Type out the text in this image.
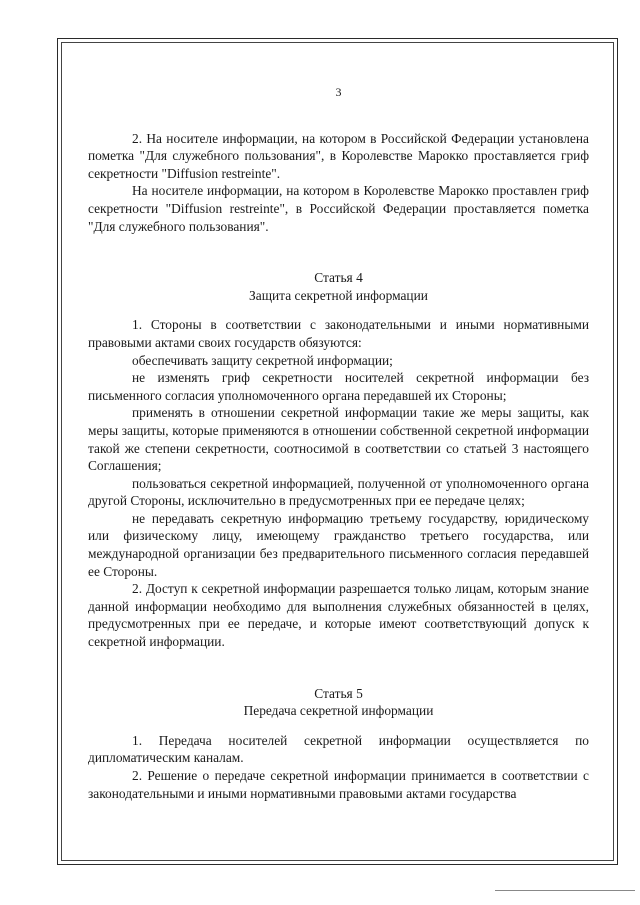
3

2. На носителе информации, на котором в Российской Федерации установлена пометка "Для служебного пользования", в Королевстве Марокко проставляется гриф секретности "Diffusion restreinte".

На носителе информации, на котором в Королевстве Марокко проставлен гриф секретности "Diffusion restreinte", в Российской Федерации проставляется пометка "Для служебного пользования".

Статья 4

Защита секретной информации

1. Стороны в соответствии с законодательными и иными нормативными правовыми актами своих государств обязуются:

обеспечивать защиту секретной информации;

не изменять гриф секретности носителей секретной информации без письменного согласия уполномоченного органа передавшей их Стороны;

применять в отношении секретной информации такие же меры защиты, как меры защиты, которые применяются в отношении собственной секретной информации такой же степени секретности, соотносимой в соответствии со статьей 3 настоящего Соглашения;

пользоваться секретной информацией, полученной от уполномоченного органа другой Стороны, исключительно в предусмотренных при ее передаче целях;

не передавать секретную информацию третьему государству, юридическому или физическому лицу, имеющему гражданство третьего государства, или международной организации без предварительного письменного согласия передавшей ее Стороны.

2. Доступ к секретной информации разрешается только лицам, которым знание данной информации необходимо для выполнения служебных обязанностей в целях, предусмотренных при ее передаче, и которые имеют соответствующий допуск к секретной информации.

Статья 5

Передача секретной информации

1. Передача носителей секретной информации осуществляется по дипломатическим каналам.

2. Решение о передаче секретной информации принимается в соответствии с законодательными и иными нормативными правовыми актами государства
